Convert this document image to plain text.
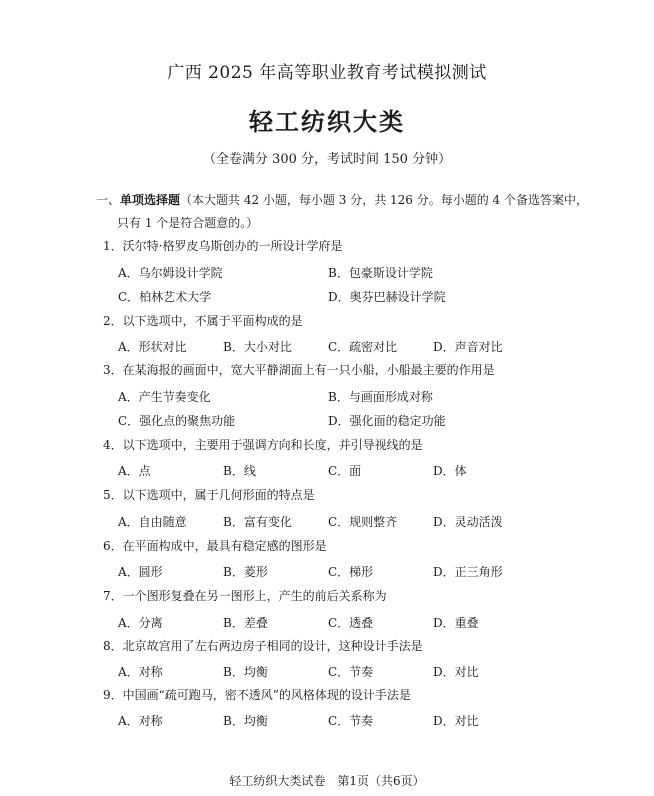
广西 2025 年高等职业教育考试模拟测试
轻工纺织大类
（全卷满分 300 分，考试时间 150 分钟）
一、单项选择题（本大题共 42 小题，每小题 3 分，共 126 分。每小题的 4 个备选答案中，
只有 1 个是符合题意的。）
1．沃尔特·格罗皮乌斯创办的一所设计学府是
A．乌尔姆设计学院	B．包豪斯设计学院
C．柏林艺术大学	D．奥芬巴赫设计学院
2．以下选项中，不属于平面构成的是
A．形状对比	B．大小对比	C．疏密对比	D．声音对比
3．在某海报的画面中，宽大平静湖面上有一只小船，小船最主要的作用是
A．产生节奏变化	B．与画面形成对称
C．强化点的聚焦功能	D．强化面的稳定功能
4．以下选项中，主要用于强调方向和长度，并引导视线的是
A．点	B．线	C．面	D．体
5．以下选项中，属于几何形面的特点是
A．自由随意	B．富有变化	C．规则整齐	D．灵动活泼
6．在平面构成中，最具有稳定感的图形是
A．圆形	B．菱形	C．梯形	D．正三角形
7．一个图形复叠在另一图形上，产生的前后关系称为
A．分离	B．差叠	C．透叠	D．重叠
8．北京故宫用了左右两边房子相同的设计，这种设计手法是
A．对称	B．均衡	C．节奏	D．对比
9．中国画“疏可跑马，密不透风”的风格体现的设计手法是
A．对称	B．均衡	C．节奏	D．对比
轻工纺织大类试卷　第1页（共6页）
